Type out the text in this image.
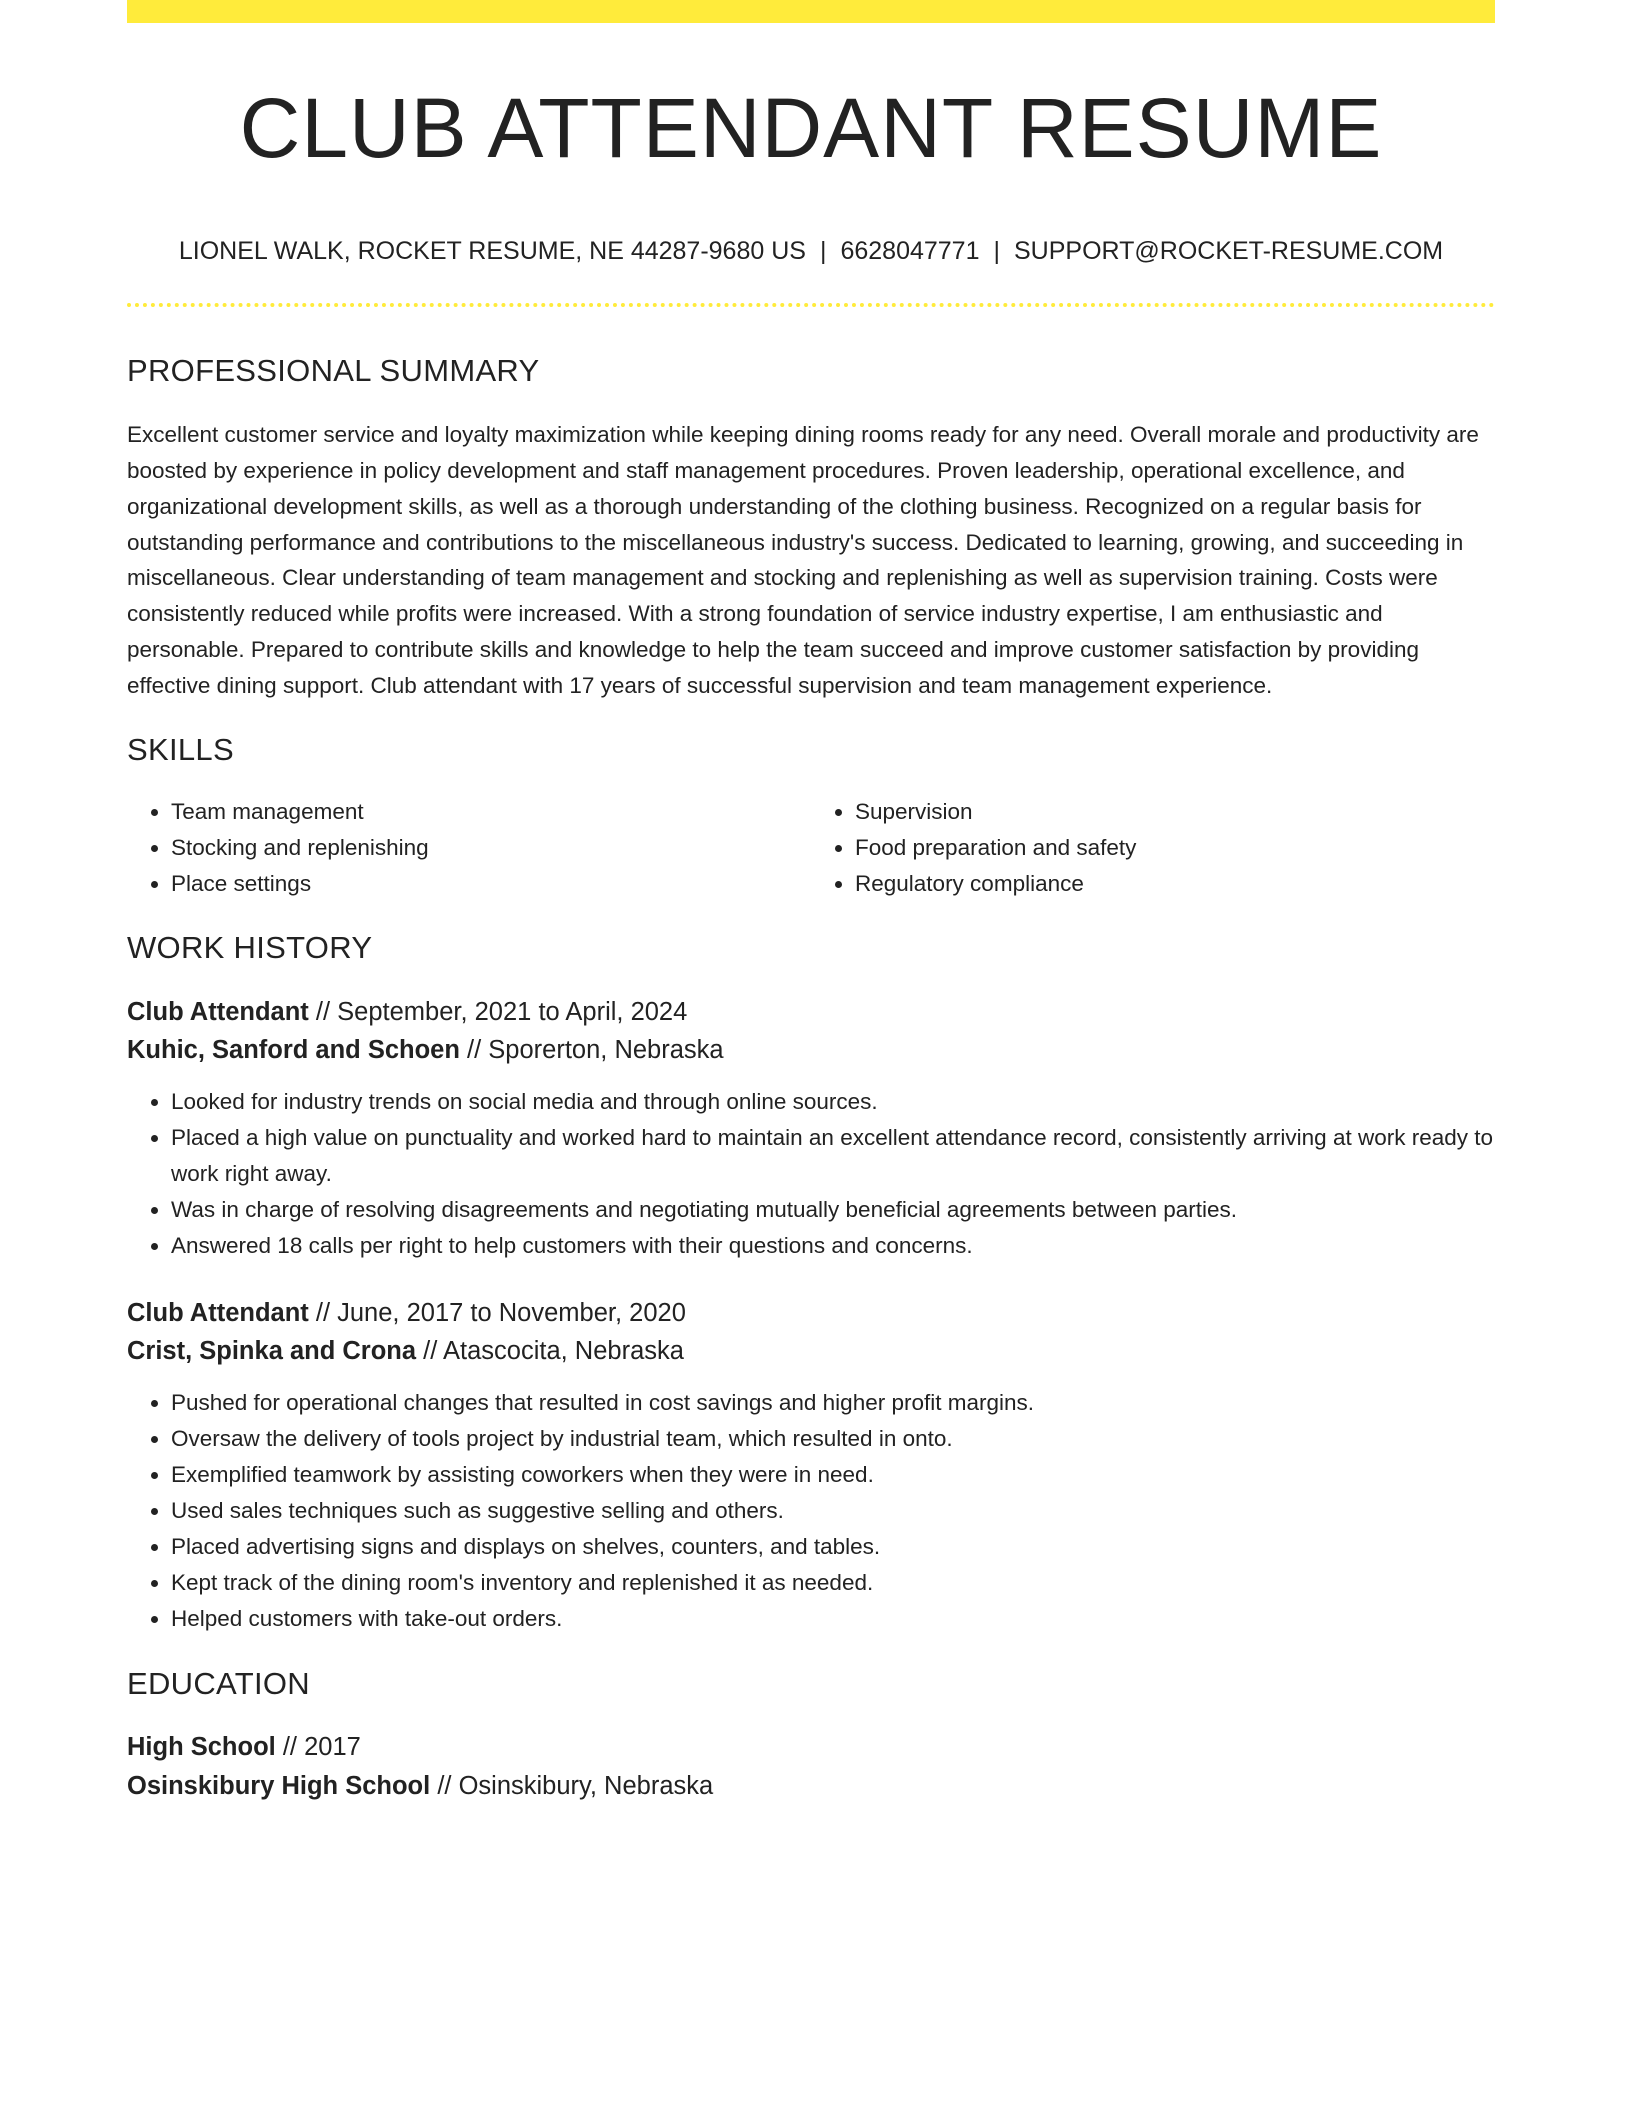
CLUB ATTENDANT RESUME
LIONEL WALK, ROCKET RESUME, NE 44287-9680 US | 6628047771 | SUPPORT@ROCKET-RESUME.COM
PROFESSIONAL SUMMARY

Excellent customer service and loyalty maximization while keeping dining rooms ready for any need. Overall morale and productivity are boosted by experience in policy development and staff management procedures. Proven leadership, operational excellence, and organizational development skills, as well as a thorough understanding of the clothing business. Recognized on a regular basis for outstanding performance and contributions to the miscellaneous industry's success. Dedicated to learning, growing, and succeeding in miscellaneous. Clear understanding of team management and stocking and replenishing as well as supervision training. Costs were consistently reduced while profits were increased. With a strong foundation of service industry expertise, I am enthusiastic and personable. Prepared to contribute skills and knowledge to help the team succeed and improve customer satisfaction by providing effective dining support. Club attendant with 17 years of successful supervision and team management experience.

SKILLS
• Team management
• Stocking and replenishing
• Place settings
• Supervision
• Food preparation and safety
• Regulatory compliance
WORK HISTORY
Club Attendant // September, 2021 to April, 2024
Kuhic, Sanford and Schoen // Sporerton, Nebraska
• Looked for industry trends on social media and through online sources.
• Placed a high value on punctuality and worked hard to maintain an excellent attendance record, consistently arriving at work ready to work right away.
• Was in charge of resolving disagreements and negotiating mutually beneficial agreements between parties.
• Answered 18 calls per right to help customers with their questions and concerns.
Club Attendant // June, 2017 to November, 2020
Crist, Spinka and Crona // Atascocita, Nebraska
• Pushed for operational changes that resulted in cost savings and higher profit margins.
• Oversaw the delivery of tools project by industrial team, which resulted in onto.
• Exemplified teamwork by assisting coworkers when they were in need.
• Used sales techniques such as suggestive selling and others.
• Placed advertising signs and displays on shelves, counters, and tables.
• Kept track of the dining room's inventory and replenished it as needed.
• Helped customers with take-out orders.
EDUCATION
High School // 2017
Osinskibury High School // Osinskibury, Nebraska
